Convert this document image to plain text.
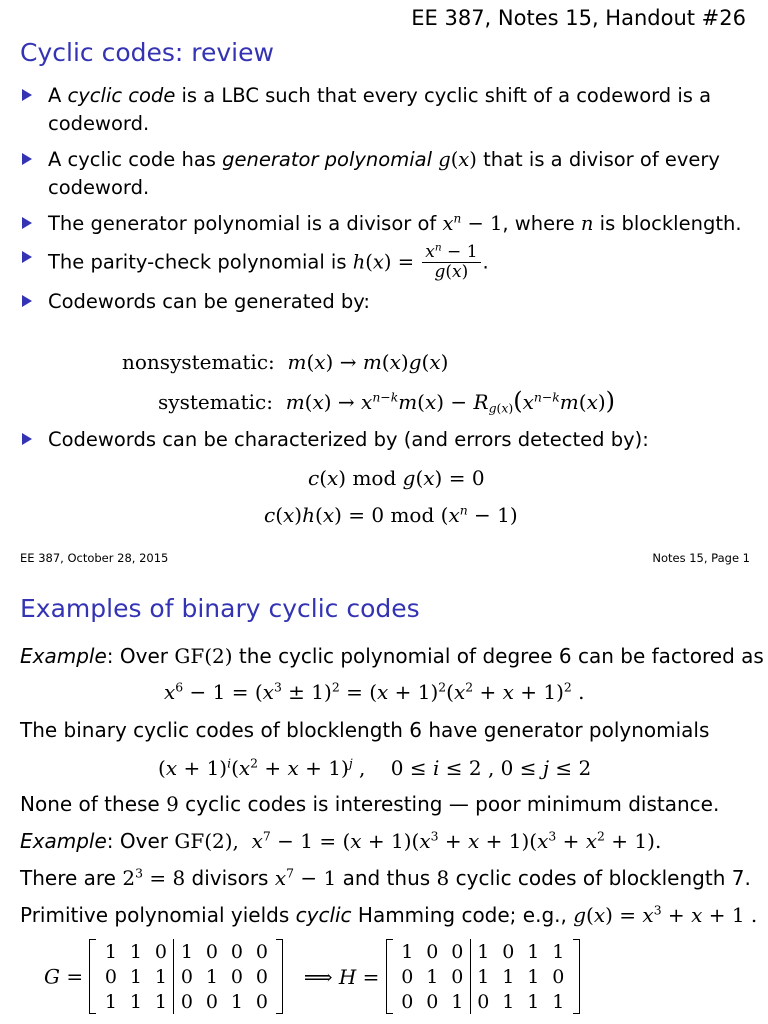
EE 387, Notes 15, Handout #26
Cyclic codes: review
A cyclic code is a LBC such that every cyclic shift of a codeword is a codeword.
A cyclic code has generator polynomial g(x) that is a divisor of every codeword.
The generator polynomial is a divisor of $x^n - 1$, where n is blocklength.
The parity-check polynomial is $h(x) = \frac{x^n - 1}{g(x)}$ .
Codewords can be generated by:
nonsystematic: m(x) → m(x)g(x)
systematic: $m(x) \to x^{n-k}m(x) - R_{g(x)}(x^{n-k}m(x))$
Codewords can be characterized by (and errors detected by):
c(x) mod g(x) = 0
c(x)h(x) = 0 mod $(x^n - 1)$
EE 387, October 28, 2015	Notes 15, Page 1
Examples of binary cyclic codes
Example: Over GF(2) the cyclic polynomial of degree 6 can be factored as
$x^6 - 1 = (x^3 \pm 1)^2 = (x + 1)^2(x^2 + x + 1)^2$ .
The binary cyclic codes of blocklength 6 have generator polynomials
$(x + 1)^i(x^2 + x + 1)^j$ ,    0 ≤ i ≤ 2 , 0 ≤ j ≤ 2
None of these 9 cyclic codes is interesting — poor minimum distance.
Example: Over GF(2),  $x^7 - 1 = (x + 1)(x^3 + x + 1)(x^3 + x^2 + 1)$.
There are $2^3 = 8$ divisors $x^7 - 1$ and thus 8 cyclic codes of blocklength 7.
Primitive polynomial yields cyclic Hamming code; e.g., $g(x) = x^3 + x + 1$ .
G =
1	1	0	1	0	0	0
0	1	1	0	1	0	0
1	1	1	0	0	1	0
⟹ H =
1	0	0	1	0	1	1
0	1	0	1	1	1	0
0	0	1	0	1	1	1
